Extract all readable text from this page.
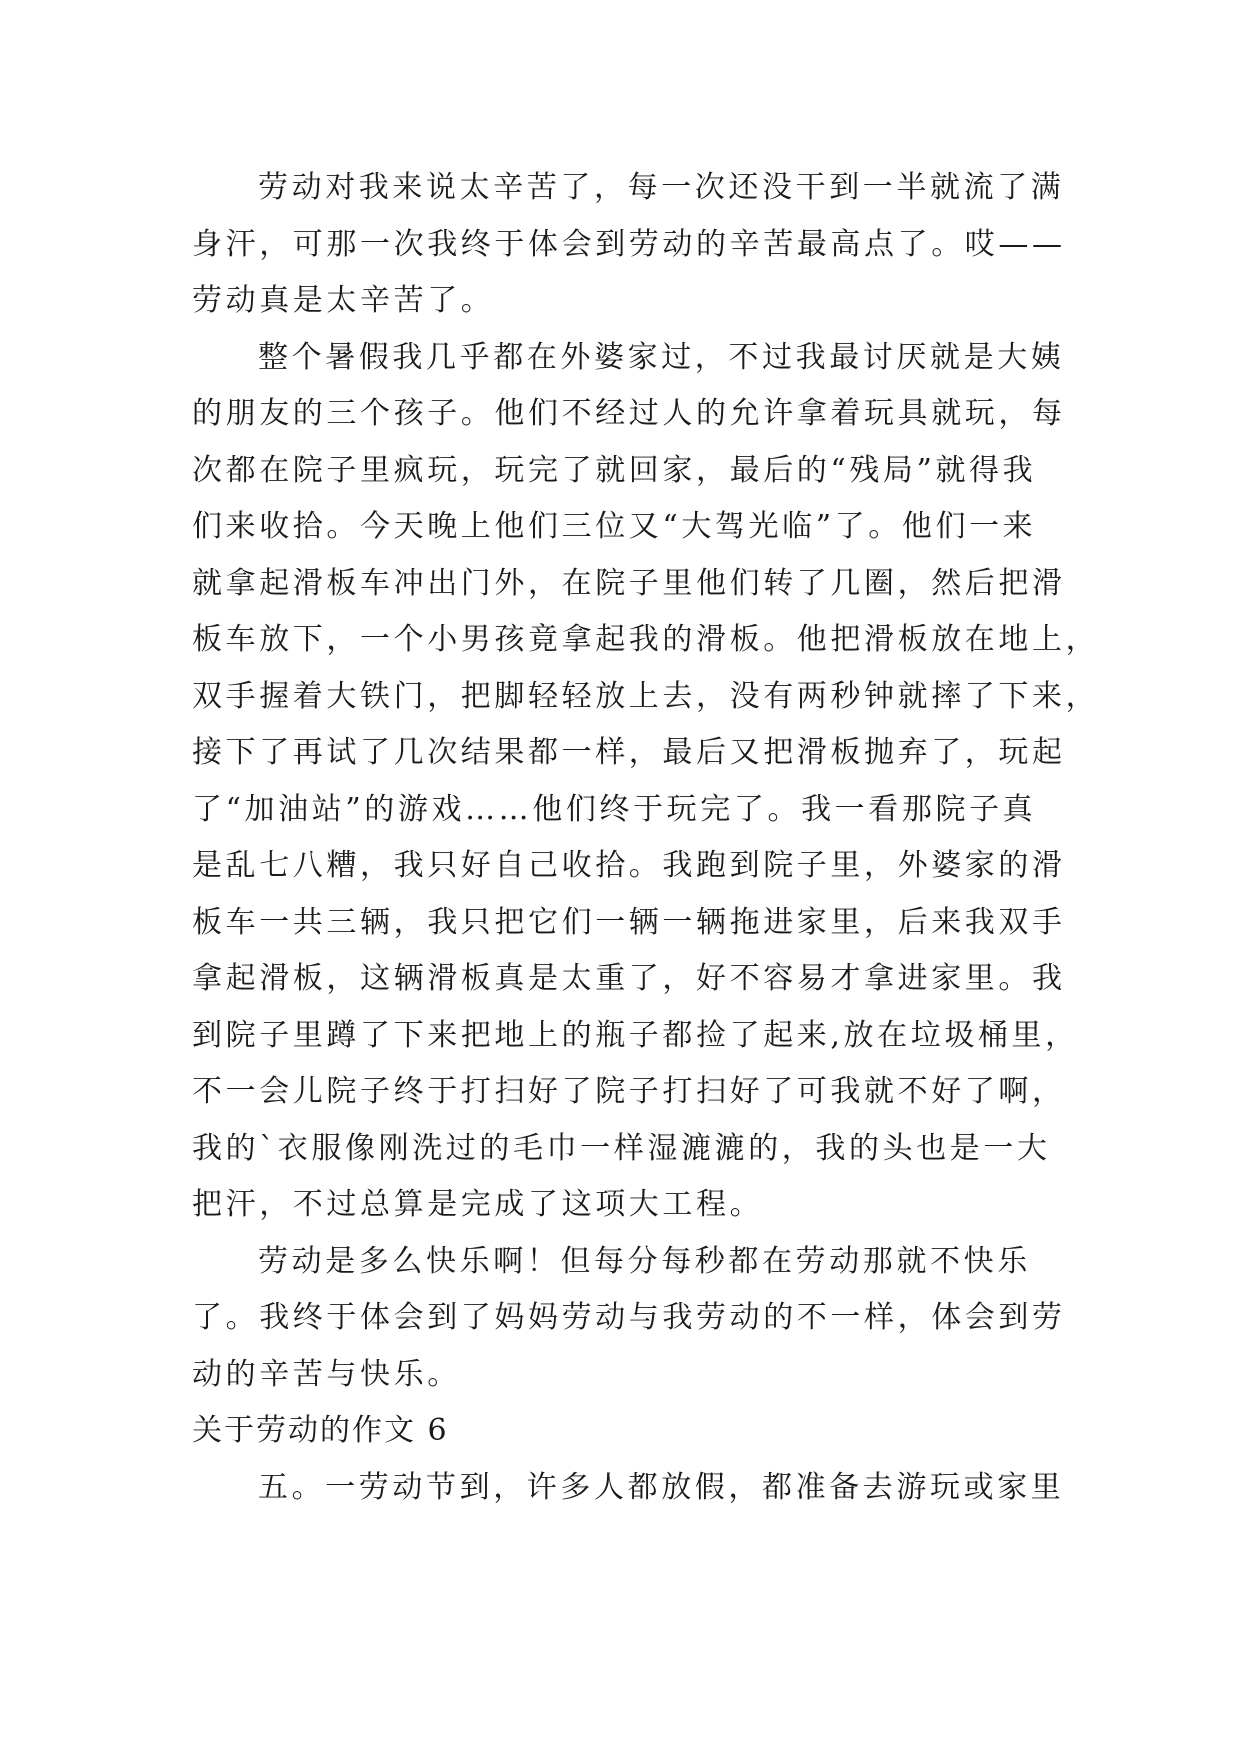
劳动对我来说太辛苦了，每一次还没干到一半就流了满

身汗，可那一次我终于体会到劳动的辛苦最高点了。哎——

劳动真是太辛苦了。

整个暑假我几乎都在外婆家过，不过我最讨厌就是大姨

的朋友的三个孩子。他们不经过人的允许拿着玩具就玩，每

次都在院子里疯玩，玩完了就回家，最后的“残局”就得我

们来收拾。今天晚上他们三位又“大驾光临”了。他们一来

就拿起滑板车冲出门外，在院子里他们转了几圈，然后把滑

板车放下，一个小男孩竟拿起我的滑板。他把滑板放在地上，

双手握着大铁门，把脚轻轻放上去，没有两秒钟就摔了下来，

接下了再试了几次结果都一样，最后又把滑板抛弃了，玩起

了“加油站”的游戏……他们终于玩完了。我一看那院子真

是乱七八糟，我只好自己收拾。我跑到院子里，外婆家的滑

板车一共三辆，我只把它们一辆一辆拖进家里，后来我双手

拿起滑板，这辆滑板真是太重了，好不容易才拿进家里。我

到院子里蹲了下来把地上的瓶子都捡了起来,放在垃圾桶里，

不一会儿院子终于打扫好了院子打扫好了可我就不好了啊，

我的`衣服像刚洗过的毛巾一样湿漉漉的，我的头也是一大

把汗，不过总算是完成了这项大工程。

劳动是多么快乐啊！但每分每秒都在劳动那就不快乐

了。我终于体会到了妈妈劳动与我劳动的不一样，体会到劳

动的辛苦与快乐。

关于劳动的作文 6

五。一劳动节到，许多人都放假，都准备去游玩或家里
